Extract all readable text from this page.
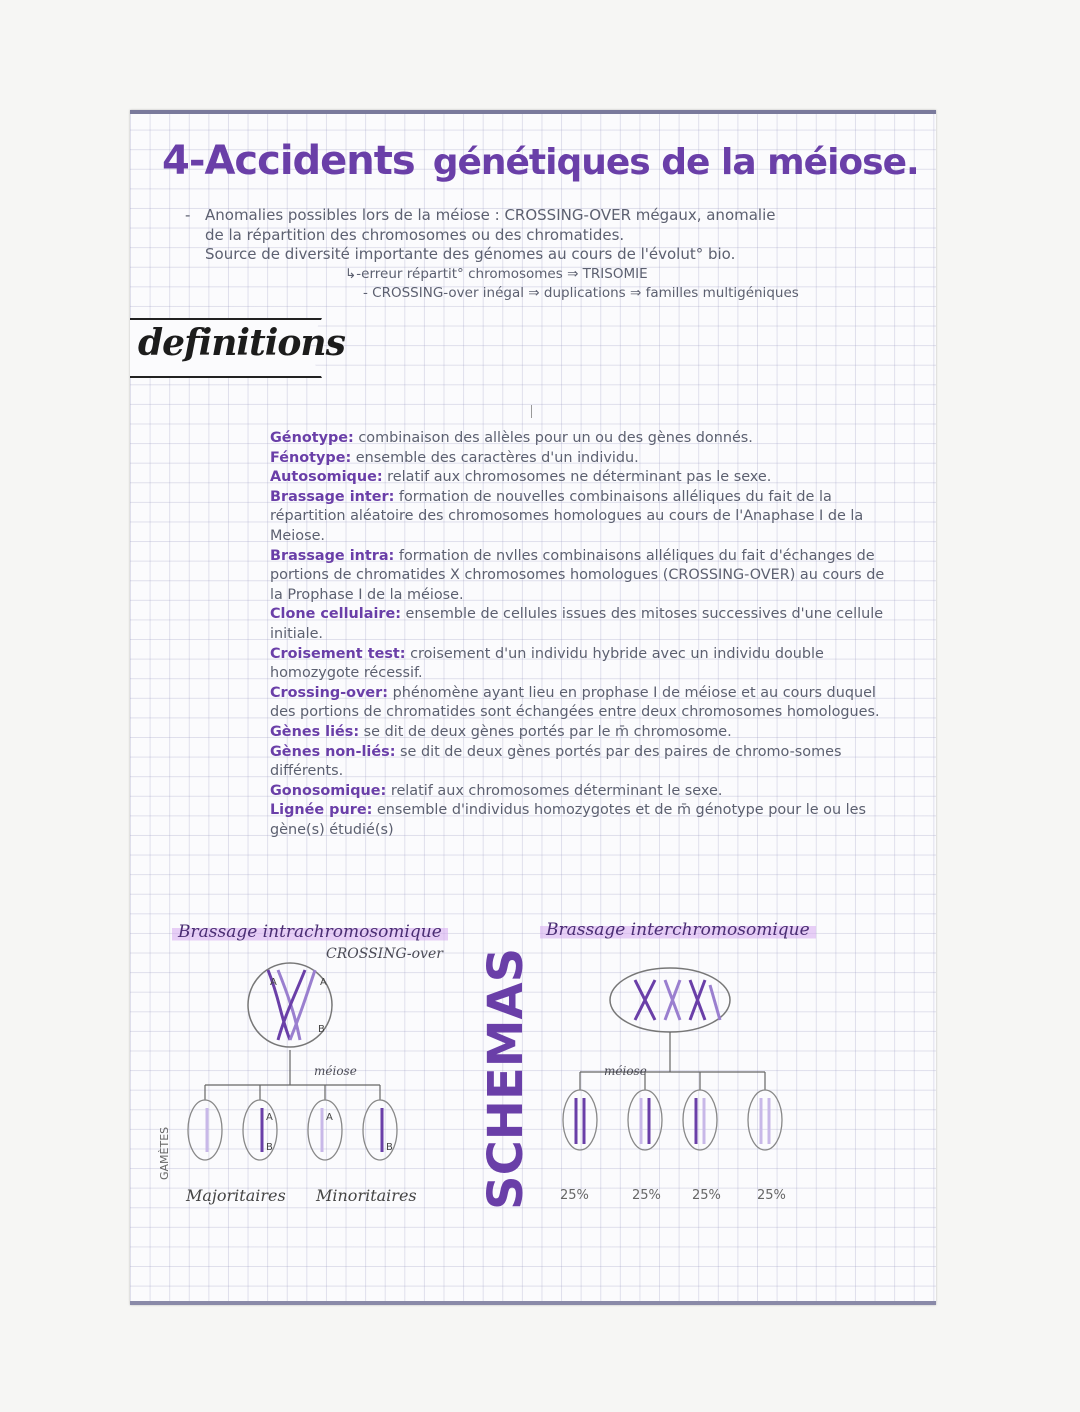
4-Accidents génétiques de la méiose.
- Anomalies possibles lors de la méiose : CROSSING-OVER mégaux, anomalie

de la répartition des chromosomes ou des chromatides.

Source de diversité importante des génomes au cours de l'évolut° bio.

↳-erreur répartit° chromosomes ⇒ TRISOMIE

- CROSSING-over inégal ⇒ duplications ⇒ familles multigéniques

definitions

Génotype: combinaison des allèles pour un ou des gènes donnés.

Fénotype: ensemble des caractères d'un individu.

Autosomique: relatif aux chromosomes ne déterminant pas le sexe.

Brassage inter: formation de nouvelles combinaisons alléliques du fait de la répartition aléatoire des chromosomes homologues au cours de l'Anaphase I de la Meiose.

Brassage intra: formation de nvlles combinaisons alléliques du fait d'échanges de portions de chromatides X chromosomes homologues (CROSSING-OVER) au cours de la Prophase I de la méiose.

Clone cellulaire: ensemble de cellules issues des mitoses successives d'une cellule initiale.

Croisement test: croisement d'un individu hybride avec un individu double homozygote récessif.

Crossing-over: phénomène ayant lieu en prophase I de méiose et au cours duquel des portions de chromatides sont échangées entre deux chromosomes homologues.

Gènes liés: se dit de deux gènes portés par le m̄ chromosome.

Gènes non-liés: se dit de deux gènes portés par des paires de chromo-somes différents.

Gonosomique: relatif aux chromosomes déterminant le sexe.

Lignée pure: ensemble d'individus homozygotes et de m̄ génotype pour le ou les gène(s) étudié(s)

Brassage intrachromosomique	Brassage interchromosomique
CROSSING-over
A	A
B
A
B
A
B
méiose
GAMÈTES
Majoritaires Minoritaires SCHEMAS	méiose
25%	25% 25%	25%
